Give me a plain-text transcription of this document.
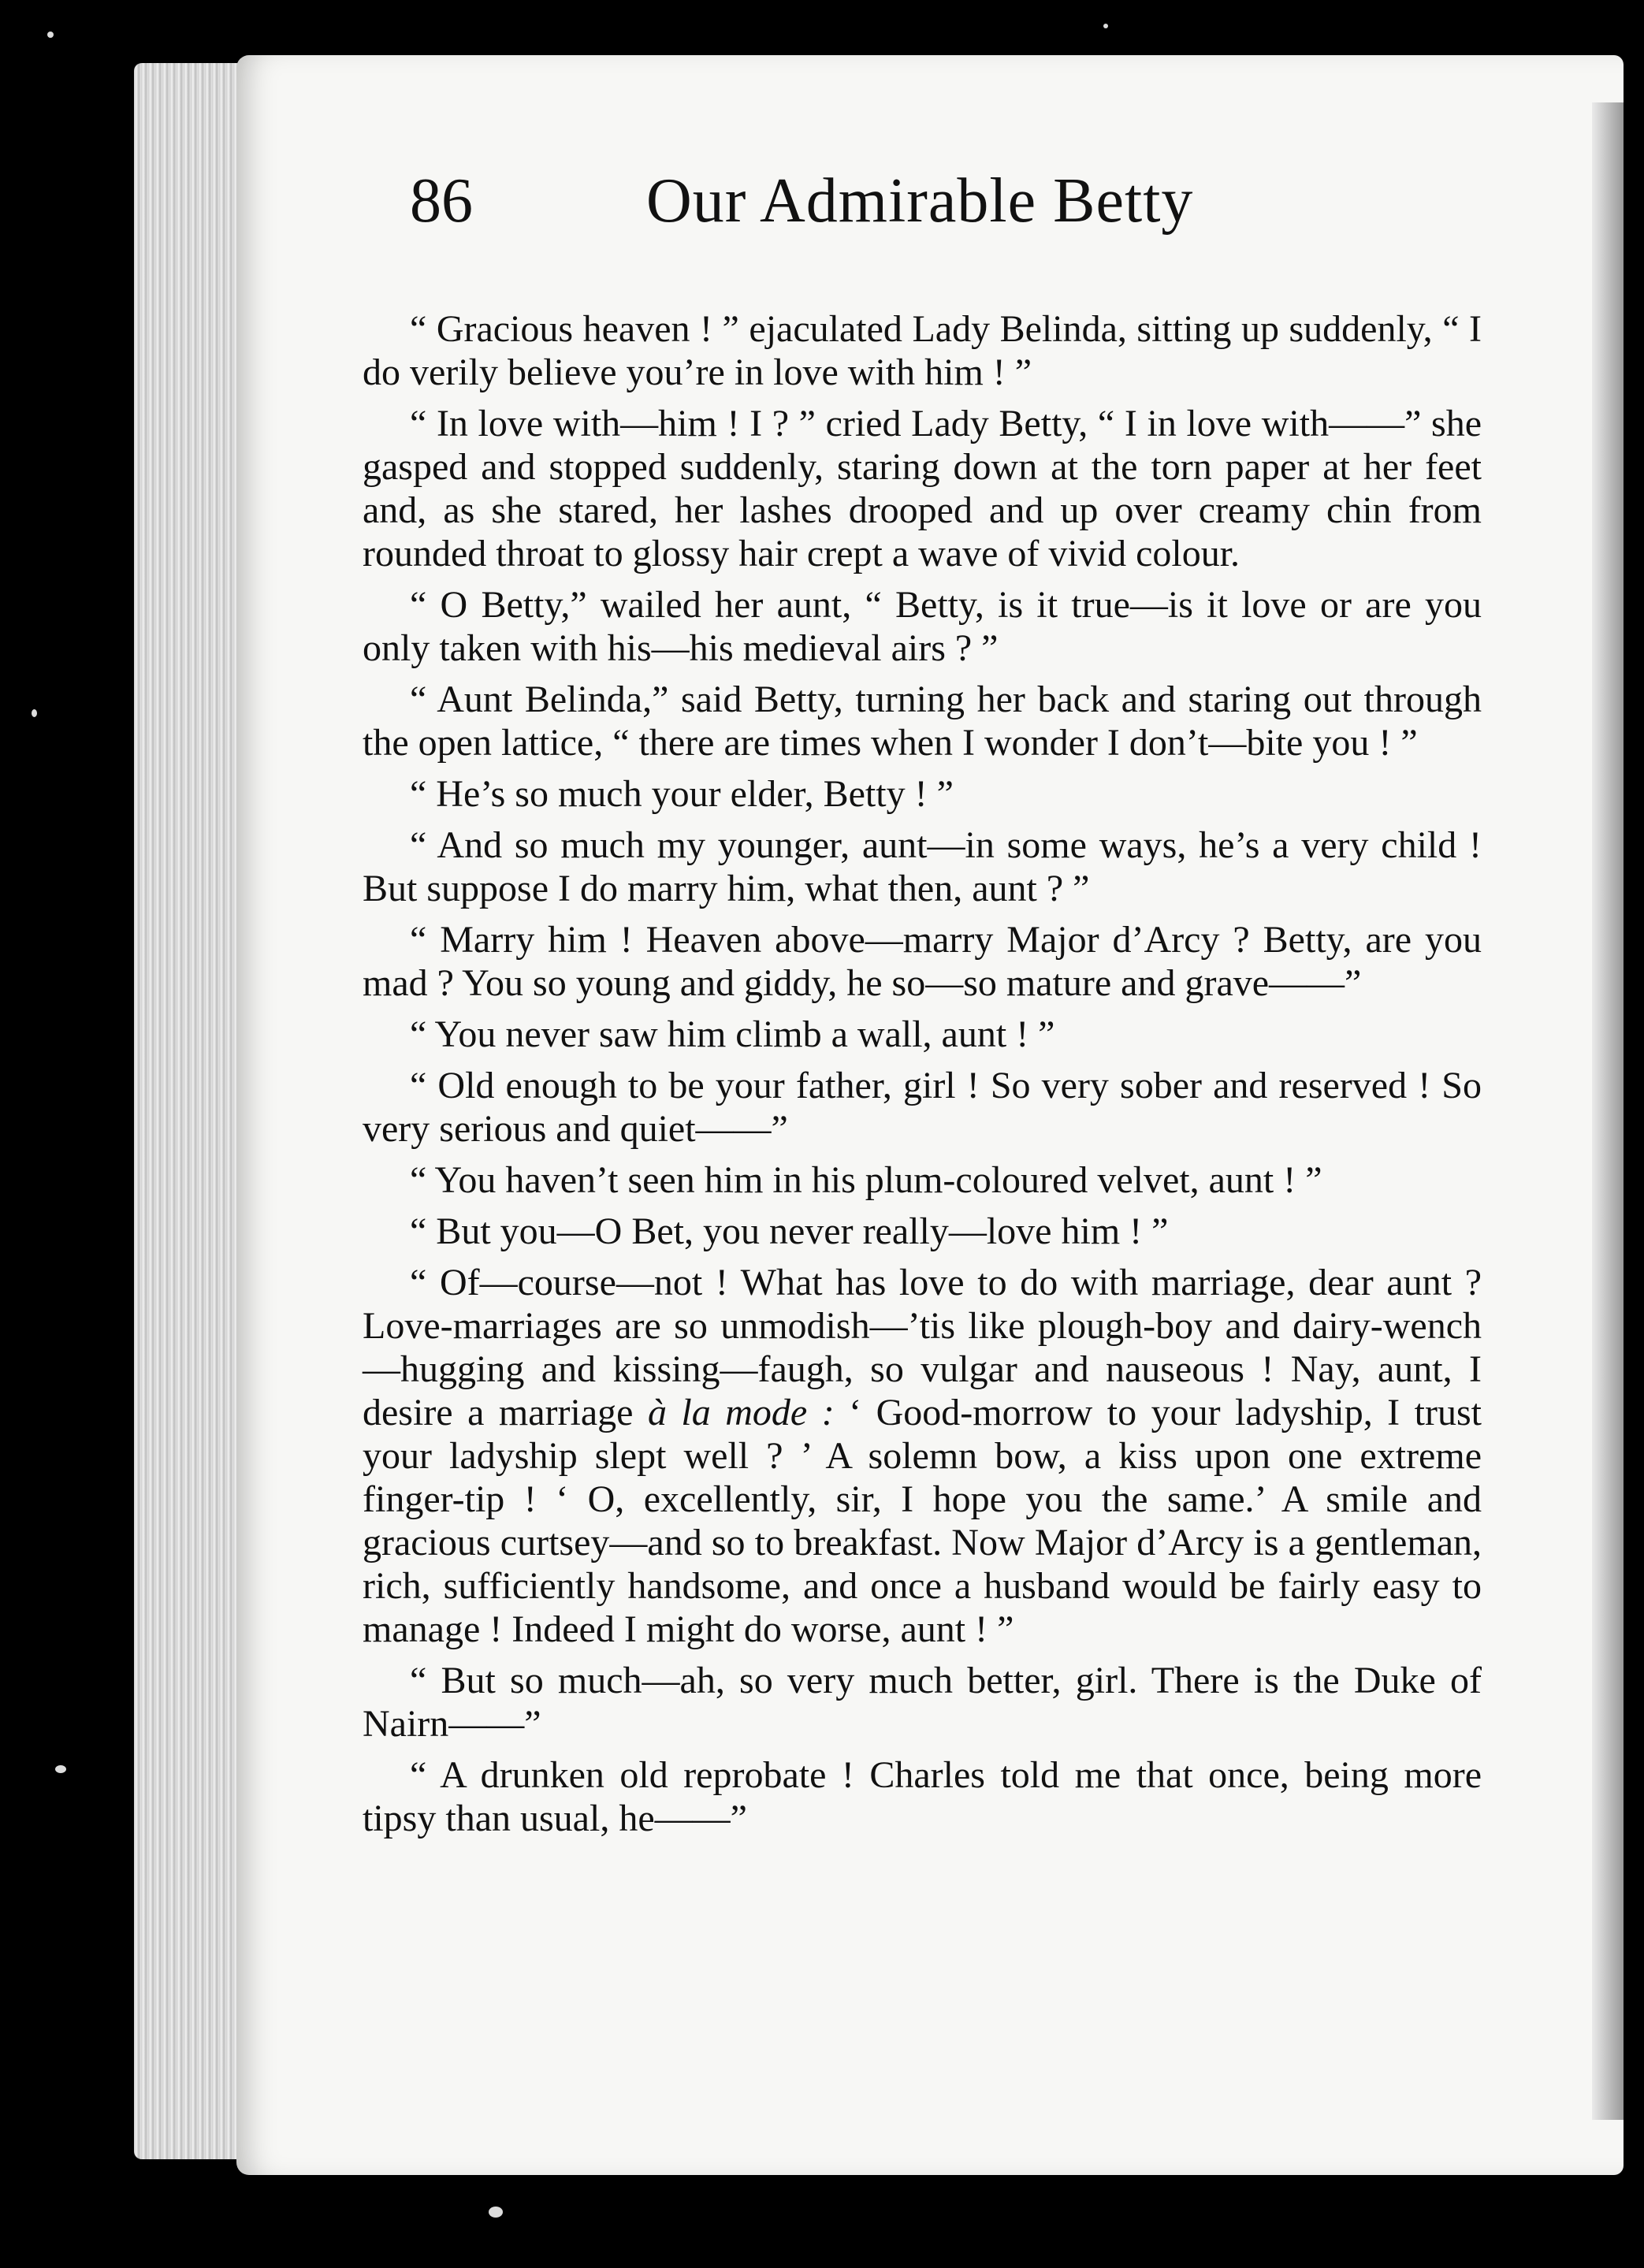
86	Our Admirable Betty

“ Gracious heaven ! ” ejaculated Lady Belinda, sitting up suddenly, “ I do verily believe you’re in love with him ! ”

“ In love with—him ! I ? ” cried Lady Betty, “ I in love with——” she gasped and stopped suddenly, staring down at the torn paper at her feet and, as she stared, her lashes drooped and up over creamy chin from rounded throat to glossy hair crept a wave of vivid colour.

“ O Betty,” wailed her aunt, “ Betty, is it true—is it love or are you only taken with his—his medieval airs ? ”

“ Aunt Belinda,” said Betty, turning her back and staring out through the open lattice, “ there are times when I wonder I don’t—bite you ! ”

“ He’s so much your elder, Betty ! ”

“ And so much my younger, aunt—in some ways, he’s a very child ! But suppose I do marry him, what then, aunt ? ”

“ Marry him ! Heaven above—marry Major d’Arcy ? Betty, are you mad ? You so young and giddy, he so—so mature and grave——”

“ You never saw him climb a wall, aunt ! ”

“ Old enough to be your father, girl ! So very sober and reserved ! So very serious and quiet——”

“ You haven’t seen him in his plum-coloured velvet, aunt ! ”

“ But you—O Bet, you never really—love him ! ”

“ Of—course—not ! What has love to do with marriage, dear aunt ? Love-marriages are so unmodish—’tis like plough-boy and dairy-wench—hugging and kissing—faugh, so vulgar and nauseous ! Nay, aunt, I desire a marriage à la mode : ‘ Good-morrow to your ladyship, I trust your ladyship slept well ? ’ A solemn bow, a kiss upon one extreme finger-tip ! ‘ O, excellently, sir, I hope you the same.’ A smile and gracious curtsey—and so to breakfast. Now Major d’Arcy is a gentleman, rich, sufficiently handsome, and once a husband would be fairly easy to manage ! Indeed I might do worse, aunt ! ”

“ But so much—ah, so very much better, girl. There is the Duke of Nairn——”

“ A drunken old reprobate ! Charles told me that once, being more tipsy than usual, he——”
